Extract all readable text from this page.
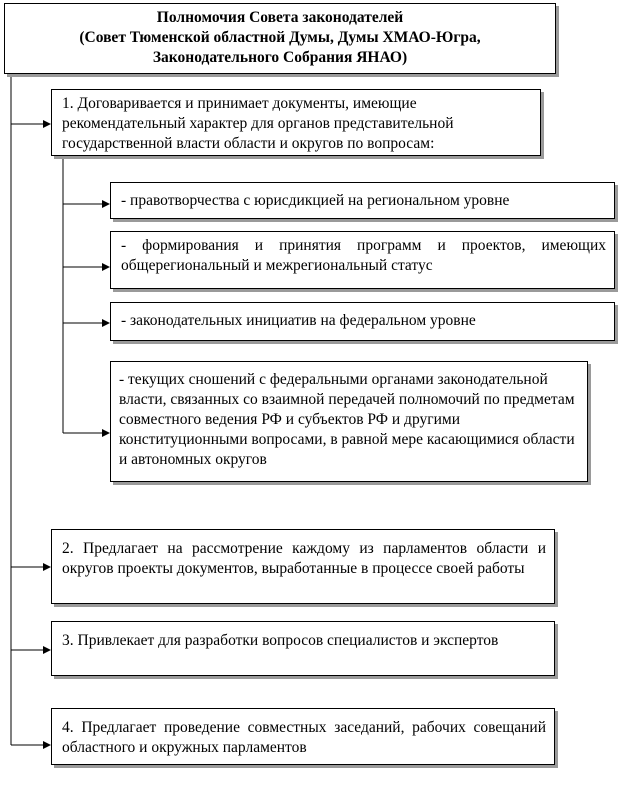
Полномочия Совета законодателей
(Совет Тюменской областной Думы, Думы ХМАО-Югра,
Законодательного Собрания ЯНАО)
1. Договаривается и принимает документы, имеющие рекомендательный характер для органов представительной государственной власти области и округов по вопросам:
- правотворчества с юрисдикцией на региональном уровне
- формирования и принятия программ и проектов, имеющих общерегиональный и межрегиональный статус
- законодательных инициатив на федеральном уровне
- текущих сношений с федеральными органами законодательной власти, связанных со взаимной передачей полномочий по предметам совместного ведения РФ и субъектов РФ и другими конституционными вопросами, в равной мере касающимися области и автономных округов
2. Предлагает на рассмотрение каждому из парламентов области и округов проекты документов, выработанные в процессе своей работы
3. Привлекает для разработки вопросов специалистов и экспертов
4. Предлагает проведение совместных заседаний, рабочих совещаний областного и окружных парламентов
